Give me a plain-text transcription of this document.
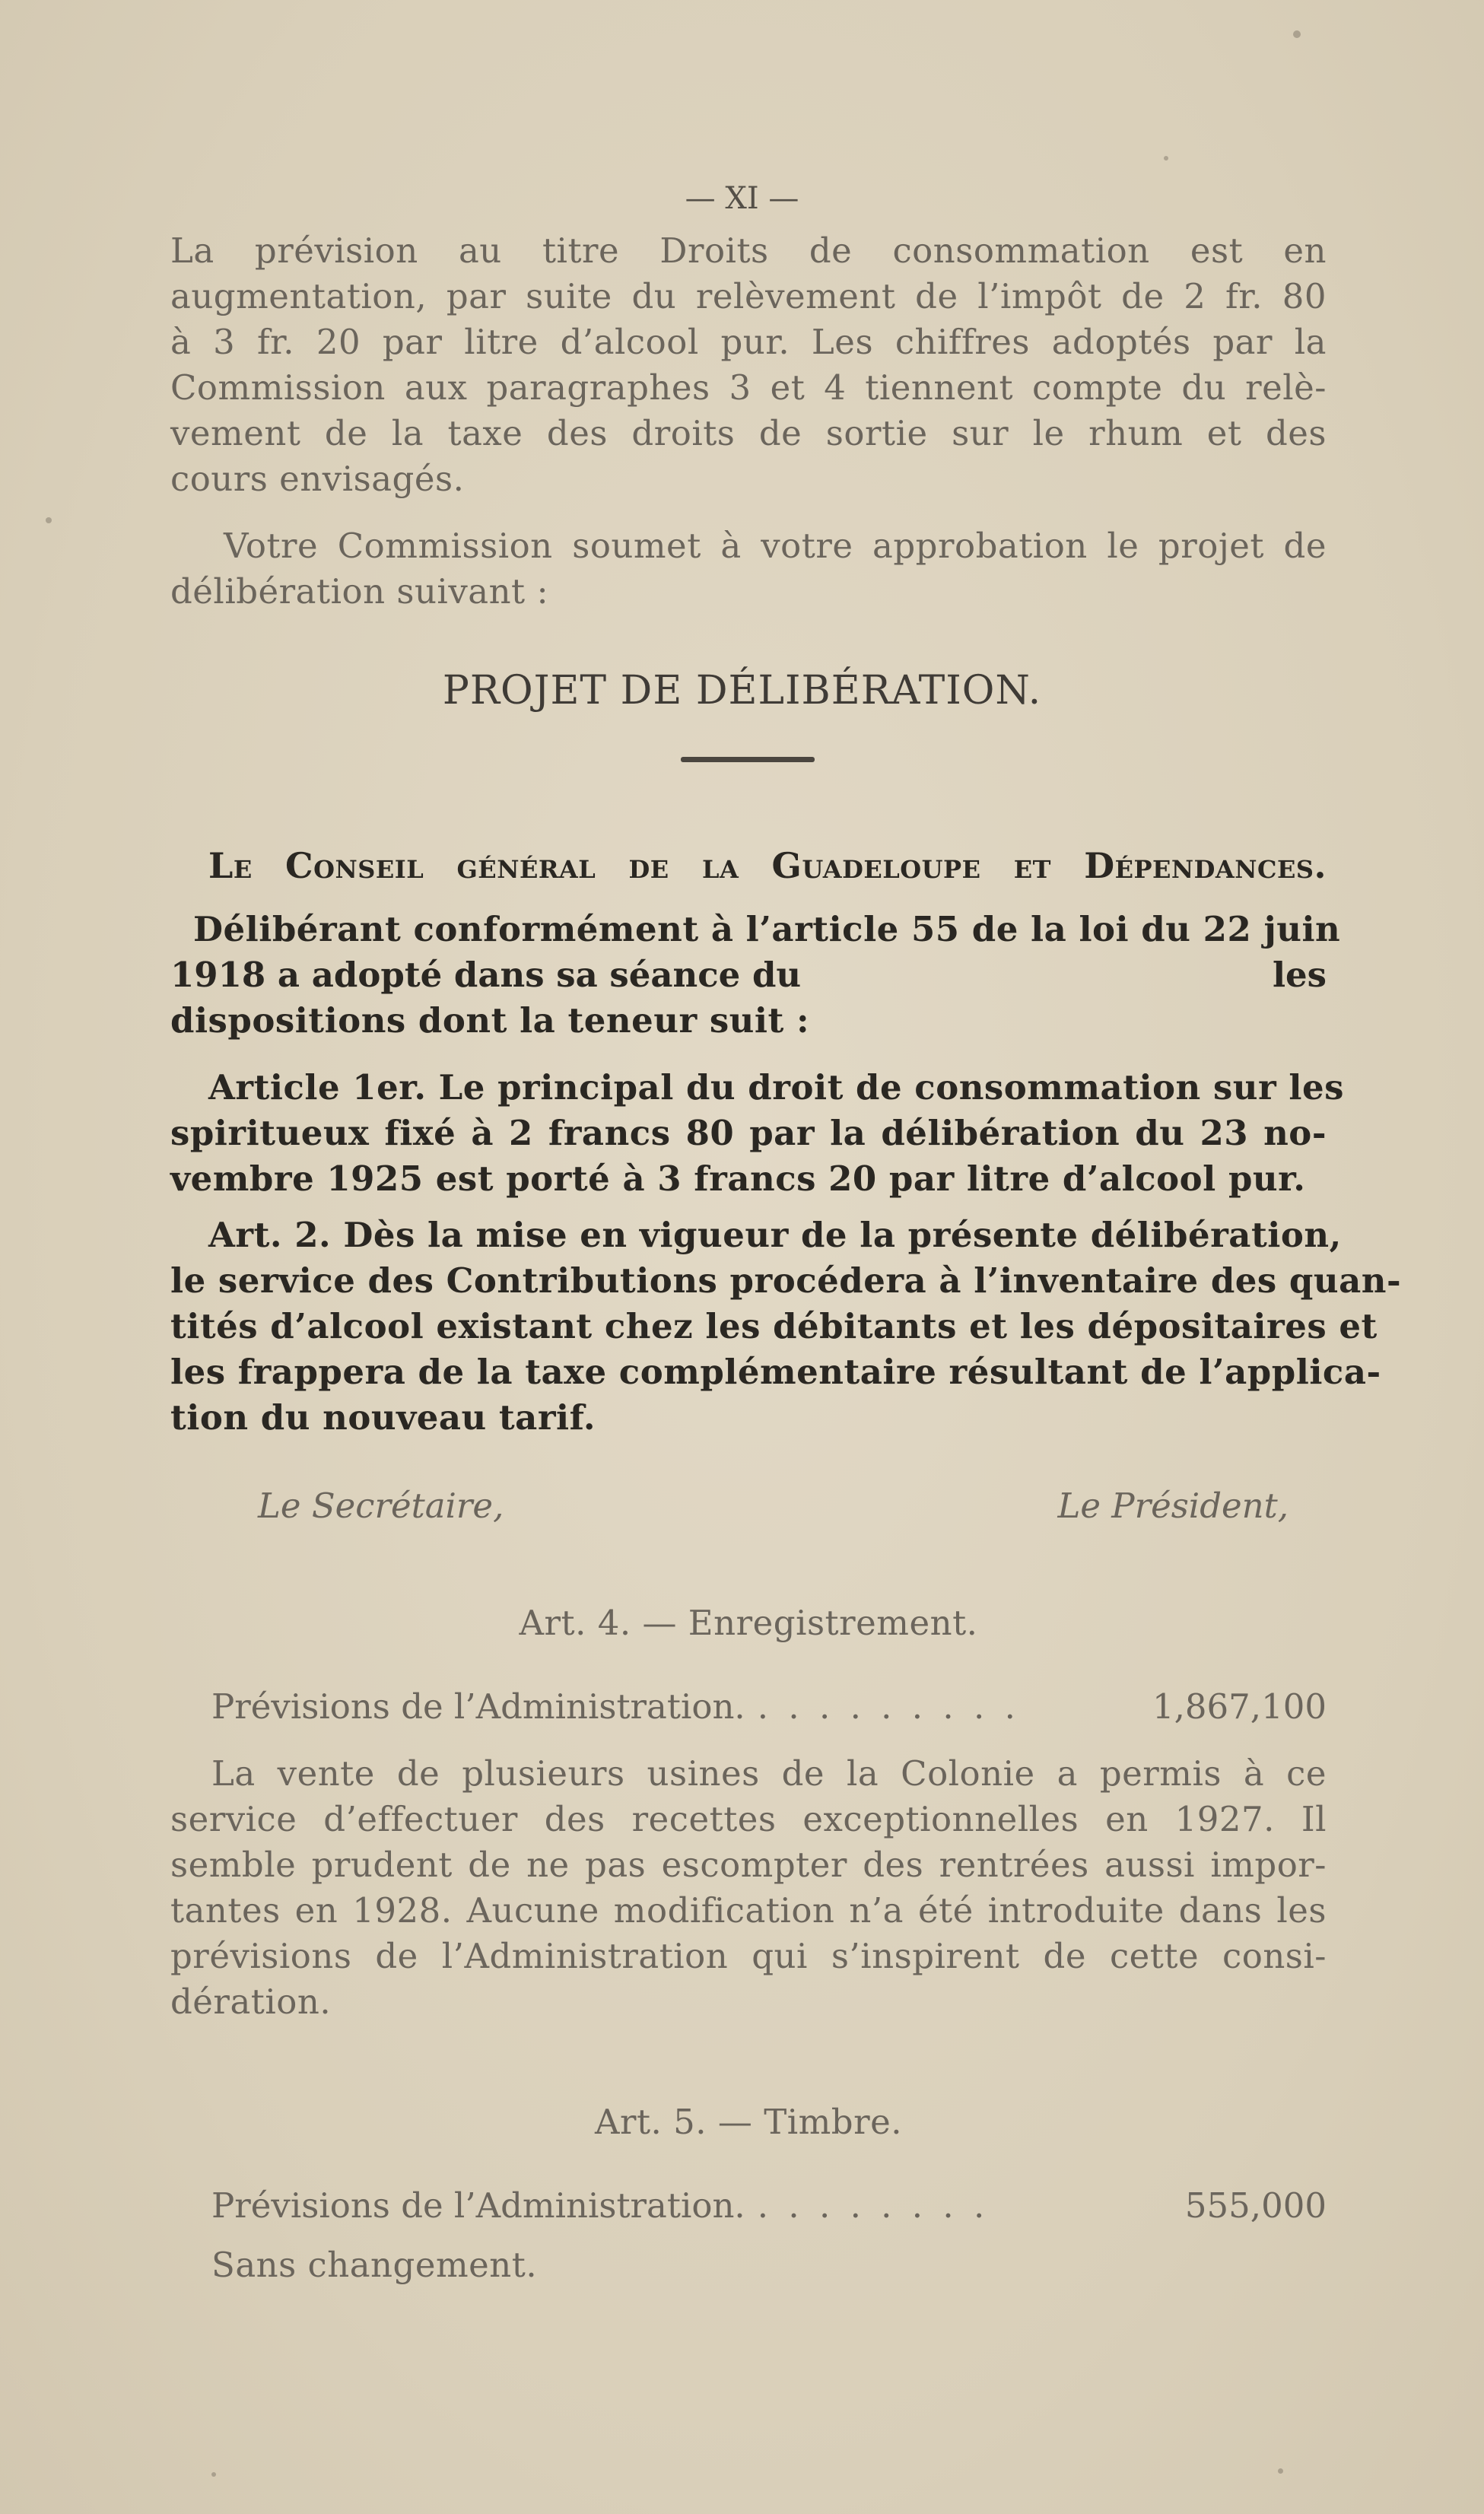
— XI —
La prévision au titre Droits de consommation est en
augmentation, par suite du relèvement de l’impôt de 2 fr. 80
à 3 fr. 20 par litre d’alcool pur. Les chiffres adoptés par la
Commission aux paragraphes 3 et 4 tiennent compte du relè-
vement de la taxe des droits de sortie sur le rhum et des
cours envisagés.
Votre Commission soumet à votre approbation le projet de
délibération suivant :
PROJET DE DÉLIBÉRATION.
Le Conseil général de la Guadeloupe et Dépendances.
Délibérant conformément à l’article 55 de la loi du 22 juin
1918 a adopté dans sa séance du	les
dispositions dont la teneur suit :
Article 1er. Le principal du droit de consommation sur les
spiritueux fixé à 2 francs 80 par la délibération du 23 no-
vembre 1925 est porté à 3 francs 20 par litre d’alcool pur.
Art. 2. Dès la mise en vigueur de la présente délibération,
le service des Contributions procédera à l’inventaire des quan-
tités d’alcool existant chez les débitants et les dépositaires et
les frappera de la taxe complémentaire résultant de l’applica-
tion du nouveau tarif.
Le Secrétaire,	Le Président,
Art. 4. — Enregistrement.
Prévisions de l’Administration. . . . . . . . . .	1,867,100
La vente de plusieurs usines de la Colonie a permis à ce
service d’effectuer des recettes exceptionnelles en 1927. Il
semble prudent de ne pas escompter des rentrées aussi impor-
tantes en 1928. Aucune modification n’a été introduite dans les
prévisions de l’Administration qui s’inspirent de cette consi-
dération.
Art. 5. — Timbre.
Prévisions de l’Administration. . . . . . . . .	555,000
Sans changement.
